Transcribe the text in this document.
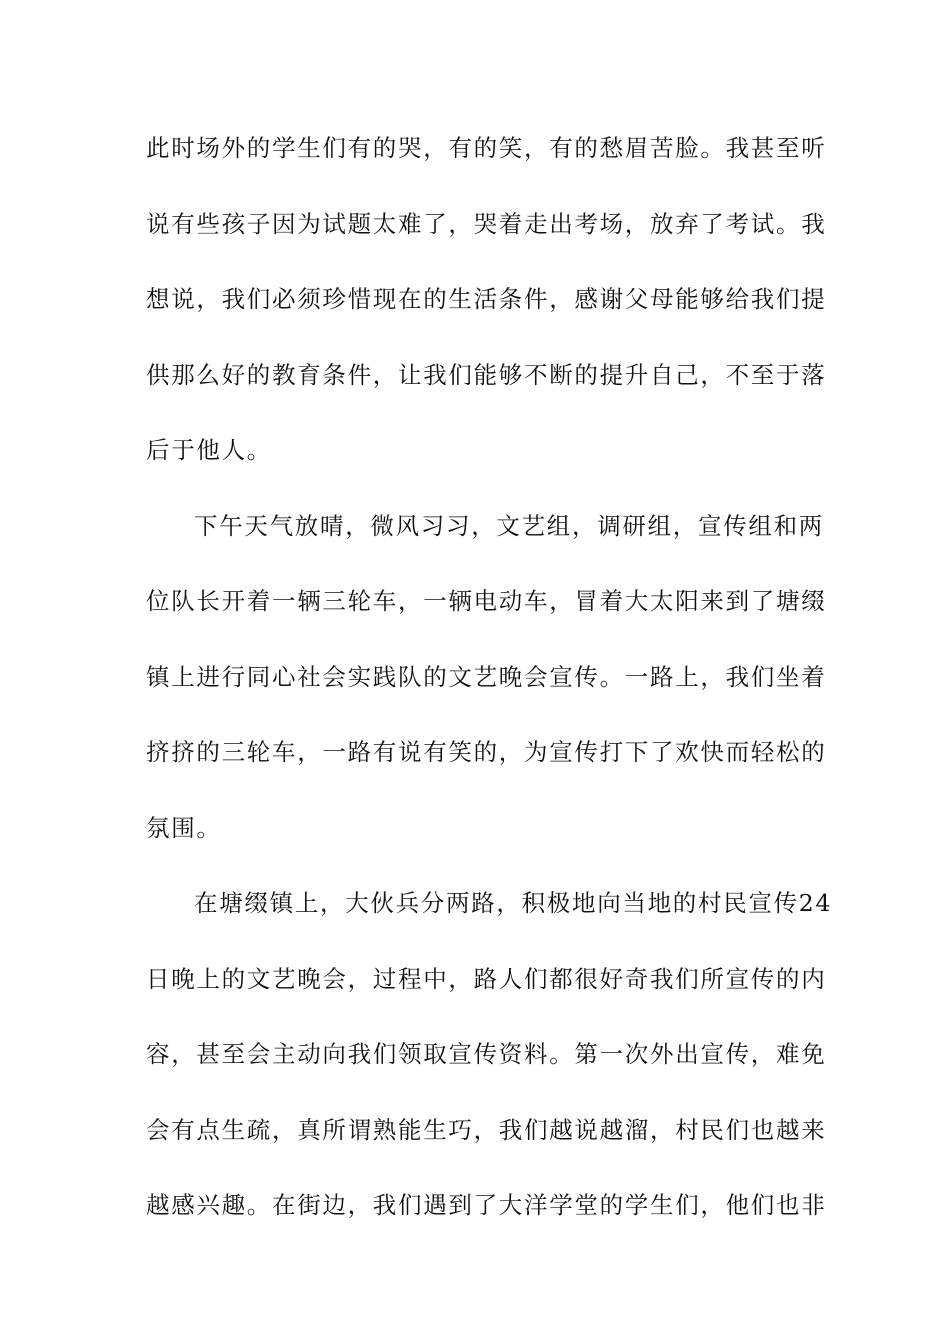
此时场外的学生们有的哭，有的笑，有的愁眉苦脸。我甚至听
说有些孩子因为试题太难了，哭着走出考场，放弃了考试。我
想说，我们必须珍惜现在的生活条件，感谢父母能够给我们提
供那么好的教育条件，让我们能够不断的提升自己，不至于落
后于他人。
下午天气放晴，微风习习，文艺组，调研组，宣传组和两
位队长开着一辆三轮车，一辆电动车，冒着大太阳来到了塘缀
镇上进行同心社会实践队的文艺晚会宣传。一路上，我们坐着
挤挤的三轮车，一路有说有笑的，为宣传打下了欢快而轻松的
氛围。
在塘缀镇上，大伙兵分两路，积极地向当地的村民宣传24
日晚上的文艺晚会，过程中，路人们都很好奇我们所宣传的内
容，甚至会主动向我们领取宣传资料。第一次外出宣传，难免
会有点生疏，真所谓熟能生巧，我们越说越溜，村民们也越来
越感兴趣。在街边，我们遇到了大洋学堂的学生们，他们也非
